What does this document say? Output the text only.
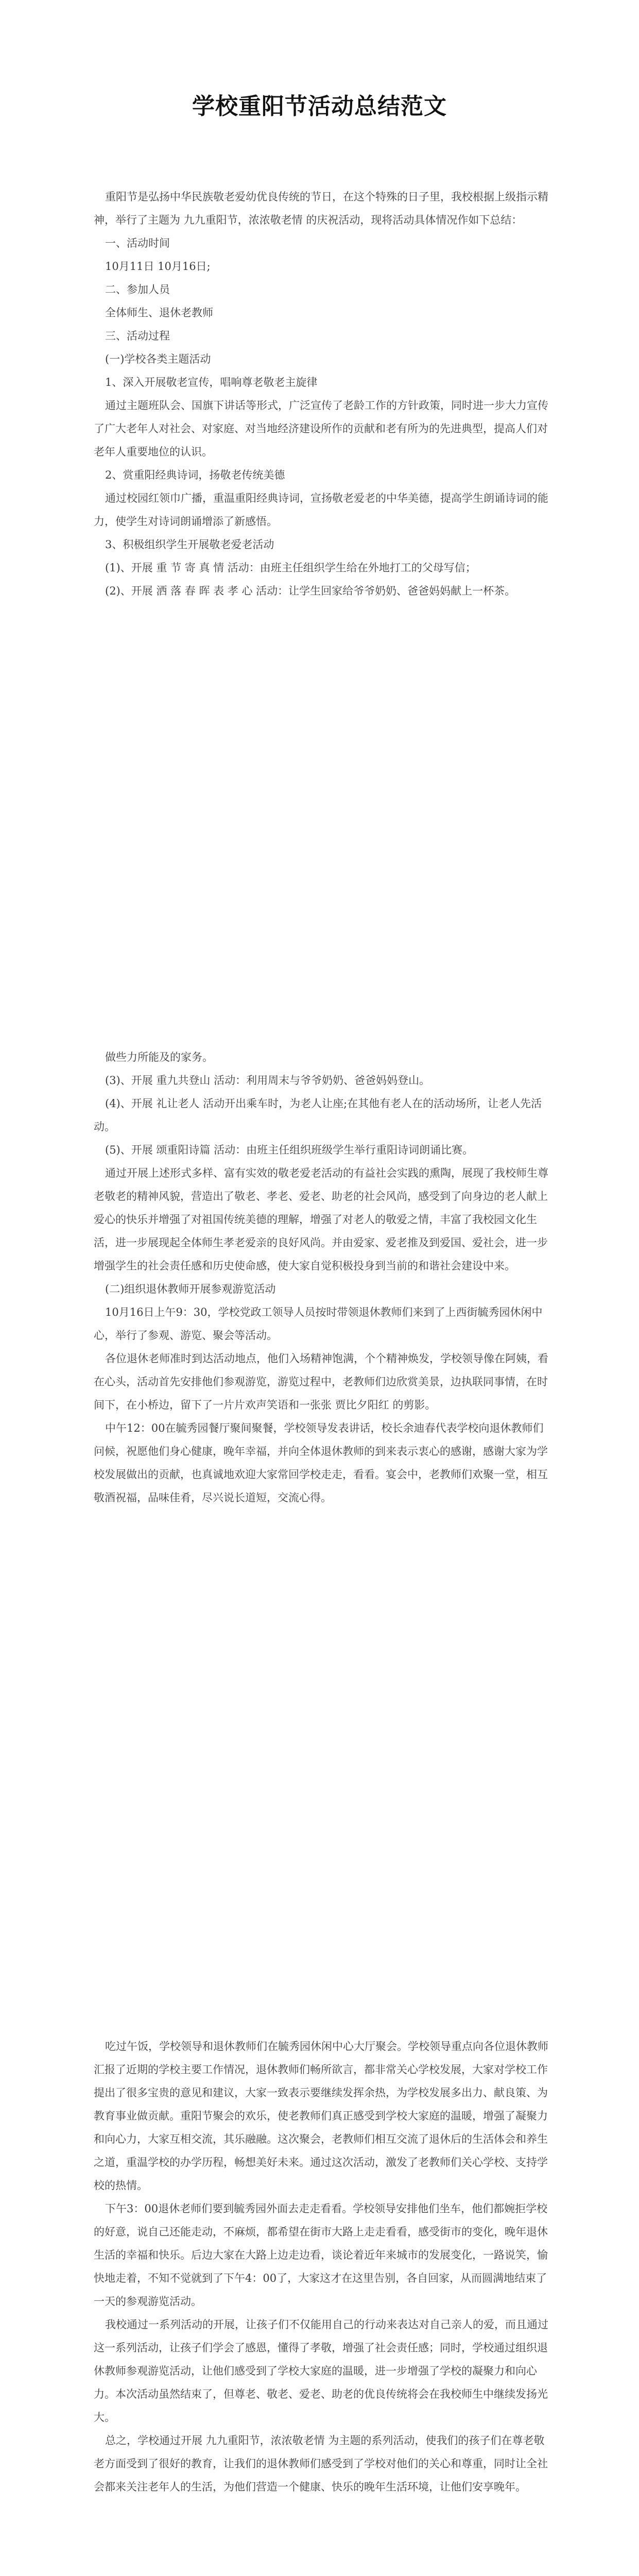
学校重阳节活动总结范文

重阳节是弘扬中华民族敬老爱幼优良传统的节日，在这个特殊的日子里，我校根据上级指示精神，举行了主题为 九九重阳节，浓浓敬老情 的庆祝活动，现将活动具体情况作如下总结：

一、活动时间

10月11日 10月16日;

二、参加人员

全体师生、退休老教师

三、活动过程

(一)学校各类主题活动

1、深入开展敬老宣传，唱响尊老敬老主旋律

通过主题班队会、国旗下讲话等形式，广泛宣传了老龄工作的方针政策，同时进一步大力宣传了广大老年人对社会、对家庭、对当地经济建设所作的贡献和老有所为的先进典型，提高人们对老年人重要地位的认识。

2、赏重阳经典诗词，扬敬老传统美德

通过校园红领巾广播，重温重阳经典诗词，宣扬敬老爱老的中华美德，提高学生朗诵诗词的能力，使学生对诗词朗诵增添了新感悟。

3、积极组织学生开展敬老爱老活动

(1)、开展 重 节 寄 真 情 活动：由班主任组织学生给在外地打工的父母写信；

(2)、开展 洒 落 春 晖 表 孝 心 活动：让学生回家给爷爷奶奶、爸爸妈妈献上一杯茶。

做些力所能及的家务。

(3)、开展 重九共登山 活动：利用周末与爷爷奶奶、爸爸妈妈登山。

(4)、开展 礼让老人 活动开出乘车时，为老人让座;在其他有老人在的活动场所，让老人先活动。

(5)、开展 颂重阳诗篇 活动：由班主任组织班级学生举行重阳诗词朗诵比赛。

通过开展上述形式多样、富有实效的敬老爱老活动的有益社会实践的熏陶，展现了我校师生尊老敬老的精神风貌，营造出了敬老、孝老、爱老、助老的社会风尚，感受到了向身边的老人献上爱心的快乐并增强了对祖国传统美德的理解，增强了对老人的敬爱之情，丰富了我校园文化生活，进一步展现起全体师生孝老爱亲的良好风尚。并由爱家、爱老推及到爱国、爱社会，进一步增强学生的社会责任感和历史使命感，使大家自觉积极投身到当前的和谐社会建设中来。

(二)组织退休教师开展参观游览活动

10月16日上午9：30，学校党政工领导人员按时带领退休教师们来到了上西街毓秀园休闲中心，举行了参观、游览、聚会等活动。

各位退休老师准时到达活动地点，他们入场精神饱满，个个精神焕发，学校领导像在阿姨，看在心头，活动首先安排他们参观游览，游览过程中，老教师们边欣赏美景，边执联同事情，在时间下，在小桥边，留下了一片片欢声笑语和一张张 贾比夕阳红 的剪影。

中午12：00在毓秀园餐厅聚间聚餐，学校领导发表讲话，校长余迪春代表学校向退休教师们问候，祝愿他们身心健康，晚年幸福，并向全体退休教师的到来表示衷心的感谢，感谢大家为学校发展做出的贡献，也真诚地欢迎大家常回学校走走，看看。宴会中，老教师们欢聚一堂，相互敬酒祝福，品味佳肴，尽兴说长道短，交流心得。

吃过午饭，学校领导和退休教师们在毓秀园休闲中心大厅聚会。学校领导重点向各位退休教师汇报了近期的学校主要工作情况，退休教师们畅所欲言，都非常关心学校发展，大家对学校工作提出了很多宝贵的意见和建议，大家一致表示要继续发挥余热，为学校发展多出力、献良策、为教育事业做贡献。重阳节聚会的欢乐，使老教师们真正感受到学校大家庭的温暖，增强了凝聚力和向心力，大家互相交流，其乐融融。这次聚会，老教师们相互交流了退休后的生活体会和养生之道，重温学校的办学历程，畅想美好未来。通过这次活动，激发了老教师们关心学校、支持学校的热情。

下午3：00退休老师们要到毓秀园外面去走走看看。学校领导安排他们坐车，他们都婉拒学校的好意，说自己还能走动，不麻烦，都希望在街市大路上走走看看，感受街市的变化，晚年退休生活的幸福和快乐。后边大家在大路上边走边看，谈论着近年来城市的发展变化，一路说笑，愉快地走着，不知不觉就到了下午4：00了，大家这才在这里告别，各自回家，从而圆满地结束了一天的参观游览活动。

我校通过一系列活动的开展，让孩子们不仅能用自己的行动来表达对自己亲人的爱，而且通过这一系列活动，让孩子们学会了感恩，懂得了孝敬，增强了社会责任感；同时，学校通过组织退休教师参观游览活动，让他们感受到了学校大家庭的温暖，进一步增强了学校的凝聚力和向心力。本次活动虽然结束了，但尊老、敬老、爱老、助老的优良传统将会在我校师生中继续发扬光大。

总之，学校通过开展 九九重阳节，浓浓敬老情 为主题的系列活动，使我们的孩子们在尊老敬老方面受到了很好的教育，让我们的退休教师们感受到了学校对他们的关心和尊重，同时让全社会都来关注老年人的生活，为他们营造一个健康、快乐的晚年生活环境，让他们安享晚年。
